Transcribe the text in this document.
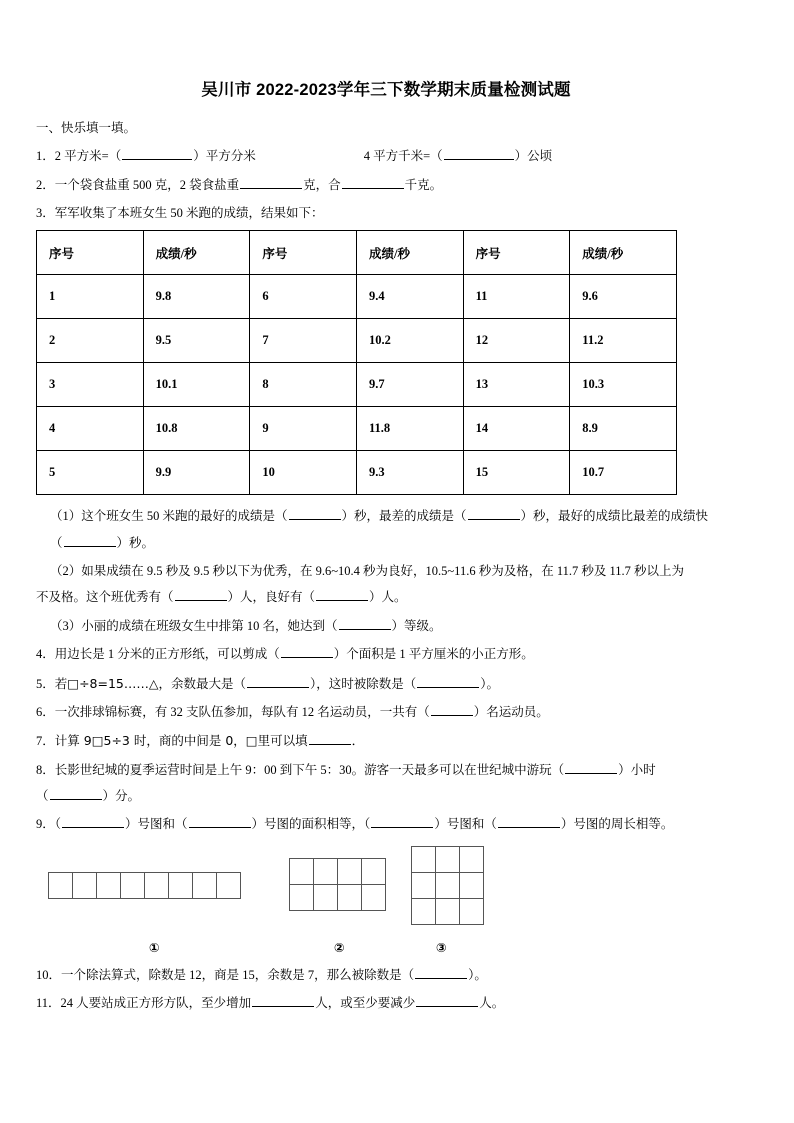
吴川市 2022-2023学年三下数学期末质量检测试题
一、快乐填一填。
1．2 平方米=（	）平方分米	4 平方千米=（	）公顷
2．一个袋食盐重 500 克，2 袋食盐重	克，合	千克。
3．军军收集了本班女生 50 米跑的成绩，结果如下：
序号	成绩/秒	序号	成绩/秒	序号	成绩/秒
1	9.8	6	9.4	11	9.6
2	9.5	7	10.2	12	11.2
3	10.1	8	9.7	13	10.3
4	10.8	9	11.8	14	8.9
5	9.9	10	9.3	15	10.7
（1）这个班女生 50 米跑的最好的成绩是（	）秒，最差的成绩是（	）秒，最好的成绩比最差的成绩快
（	）秒。
（2）如果成绩在 9.5 秒及 9.5 秒以下为优秀，在 9.6~10.4 秒为良好，10.5~11.6 秒为及格，在 11.7 秒及 11.7 秒以上为
不及格。这个班优秀有（	）人，良好有（	）人。
（3）小丽的成绩在班级女生中排第 10 名，她达到（	）等级。
4．用边长是 1 分米的正方形纸，可以剪成（	）个面积是 1 平方厘米的小正方形。
5．若□÷8=15……△，余数最大是（	），这时被除数是（	）。
6．一次排球锦标赛，有 32 支队伍参加，每队有 12 名运动员，一共有（	）名运动员。
7．计算 9□5÷3 时，商的中间是 0，□里可以填	．
8．长影世纪城的夏季运营时间是上午 9：00 到下午 5：30。游客一天最多可以在世纪城中游玩（	）小时
（	）分。
9．（	）号图和（	）号图的面积相等，（	）号图和（	）号图的周长相等。
①	②	③
10．一个除法算式，除数是 12，商是 15，余数是 7，那么被除数是（	）。
11．24 人要站成正方形方队，至少增加	人，或至少要减少	人。
